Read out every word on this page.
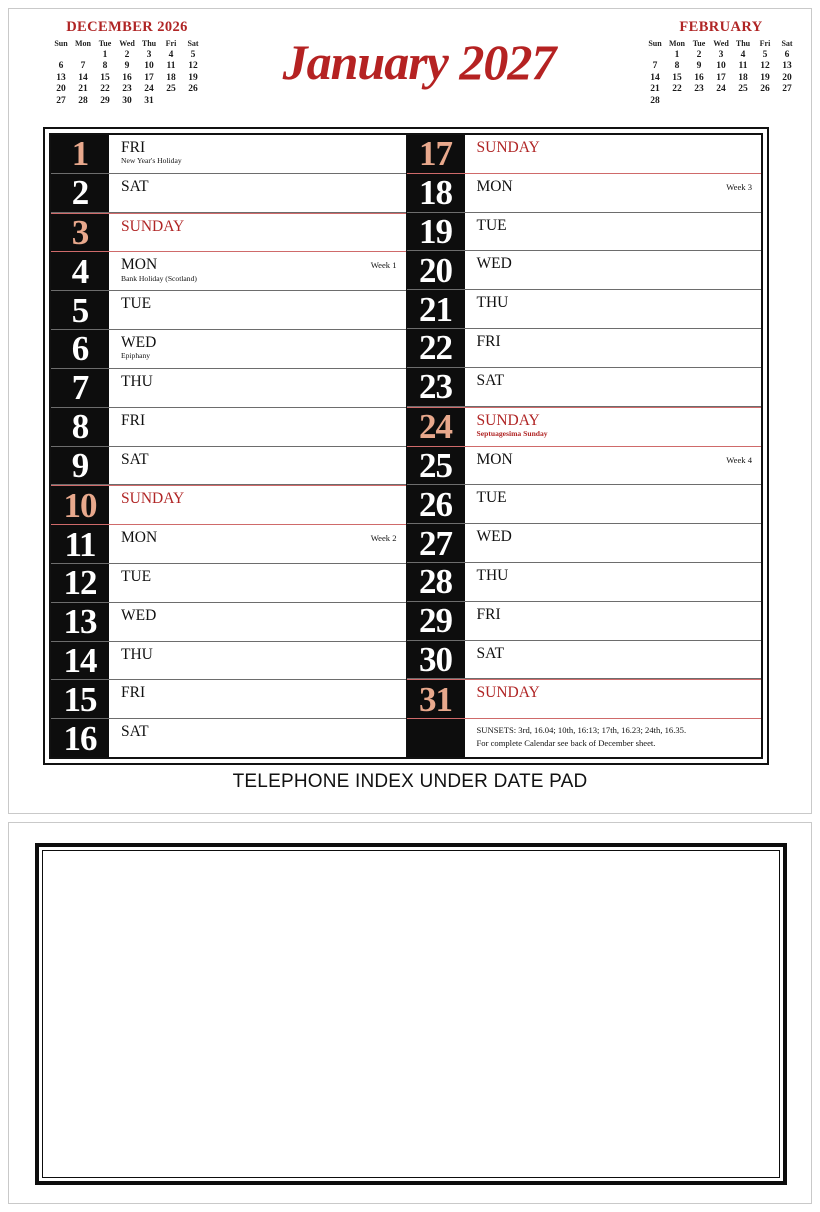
DECEMBER 2026
Sun	Mon	Tue	Wed	Thu	Fri	Sat
		1	2	3	4	5
6	7	8	9	10	11	12
13	14	15	16	17	18	19
20	21	22	23	24	25	26
27	28	29	30	31		
January 2027
FEBRUARY
Sun	Mon	Tue	Wed	Thu	Fri	Sat
	1	2	3	4	5	6
7	8	9	10	11	12	13
14	15	16	17	18	19	20
21	22	23	24	25	26	27
28						
1	FRI
New Year's Holiday
2	SAT
3	SUNDAY
4	MON
Bank Holiday (Scotland)
Week 1
5	TUE
6	WED
Epiphany
7	THU
8	FRI
9	SAT
10	SUNDAY
11	MON	Week 2
12	TUE
13	WED
14	THU
15	FRI
16	SAT
17	SUNDAY
18	MON	Week 3
19	TUE
20	WED
21	THU
22	FRI
23	SAT
24	SUNDAY
Septuagesima Sunday
25	MON	Week 4
26	TUE
27	WED
28	THU
29	FRI
30	SAT
31	SUNDAY
SUNSETS: 3rd, 16.04; 10th, 16:13; 17th, 16.23; 24th, 16.35.
For complete Calendar see back of December sheet.
TELEPHONE INDEX UNDER DATE PAD
